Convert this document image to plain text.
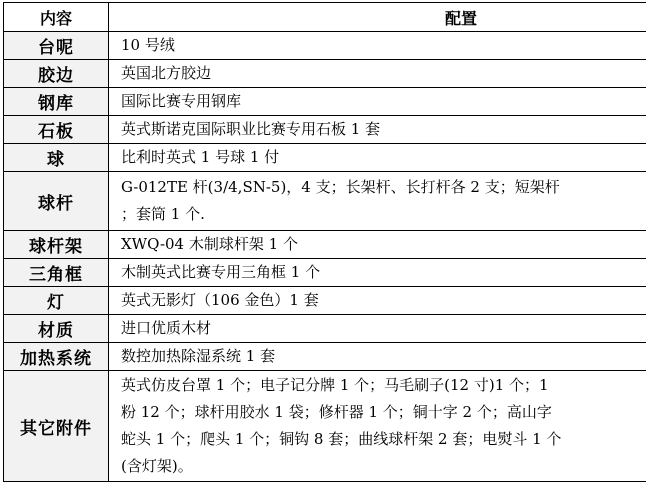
内容	配置
台呢	10 号绒

胶边	英国北方胶边

钢库	国际比赛专用钢库

石板	英式斯诺克国际职业比赛专用石板 1 套

球	比利时英式 1 号球 1 付

球杆	G-012TE 杆(3/4,SN-5)，4 支；长架杆、长打杆各 2 支；短架杆
；套筒 1 个.

球杆架	XWQ-04 木制球杆架 1 个

三角框	木制英式比赛专用三角框 1 个

灯	英式无影灯（106 金色）1 套

材质	进口优质木材

加热系统	数控加热除湿系统 1 套

其它附件	英式仿皮台罩 1 个；电子记分牌 1 个；马毛刷子(12 寸)1 个；1
粉 12 个；球杆用胶水 1 袋；修杆器 1 个；铜十字 2 个；高山字
蛇头 1 个；爬头 1 个；铜钩 8 套；曲线球杆架 2 套；电熨斗 1 个
(含灯架)。
